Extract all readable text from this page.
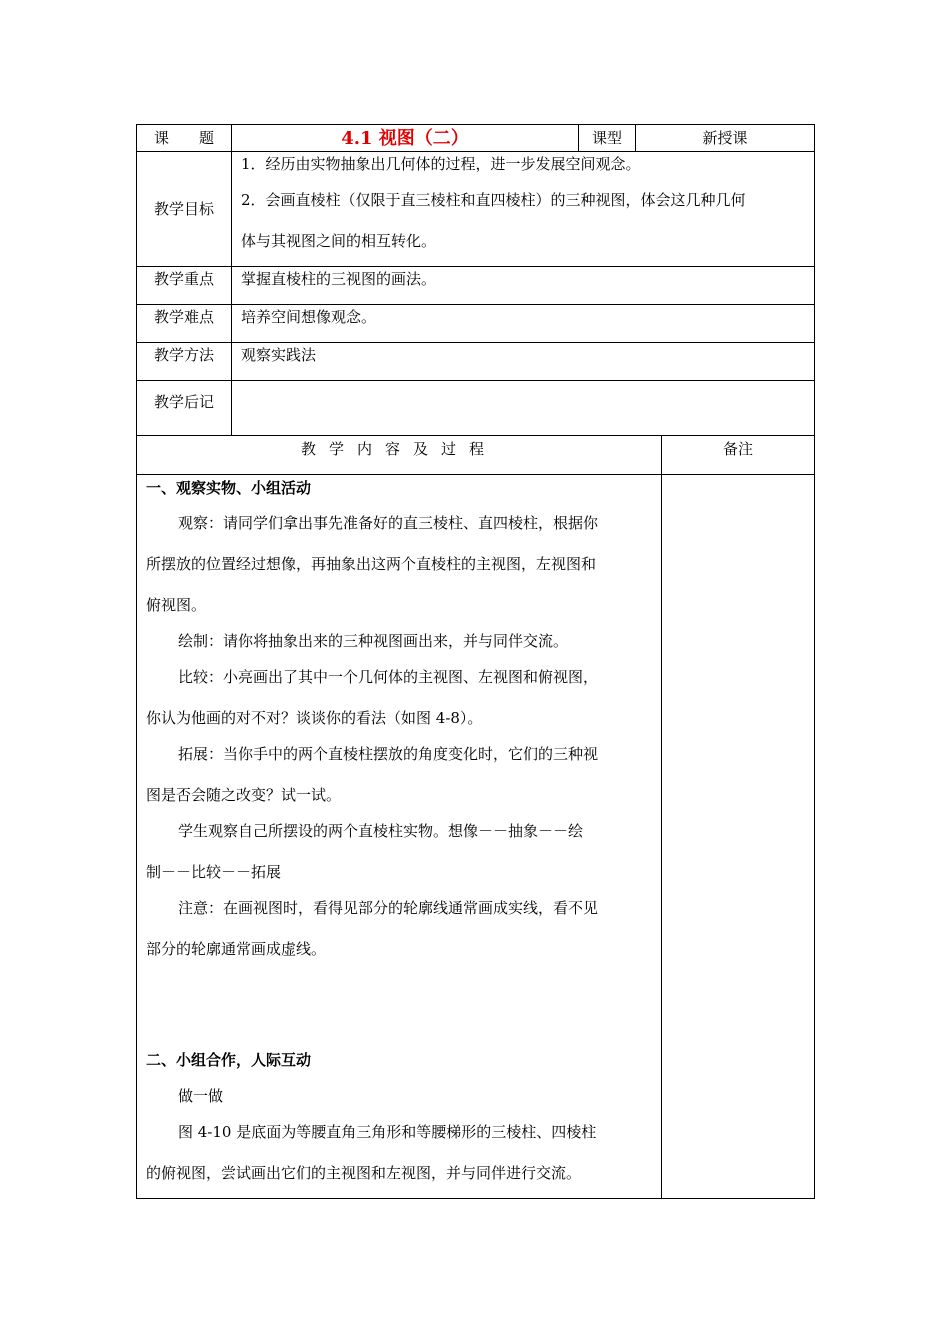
课　　题	4.1 视图（二）	课型	新授课
教学目标
1．经历由实物抽象出几何体的过程，进一步发展空间观念。
2．会画直棱柱（仅限于直三棱柱和直四棱柱）的三种视图，体会这几种几何
体与其视图之间的相互转化。
教学重点	掌握直棱柱的三视图的画法。
教学难点	培养空间想像观念。
教学方法	观察实践法
教学后记
教学内容及过程	备注
一、观察实物、小组活动
观察：请同学们拿出事先准备好的直三棱柱、直四棱柱，根据你
所摆放的位置经过想像，再抽象出这两个直棱柱的主视图，左视图和
俯视图。
绘制：请你将抽象出来的三种视图画出来，并与同伴交流。
比较：小亮画出了其中一个几何体的主视图、左视图和俯视图，
你认为他画的对不对？谈谈你的看法（如图 4-8）。
拓展：当你手中的两个直棱柱摆放的角度变化时，它们的三种视
图是否会随之改变？试一试。
学生观察自己所摆设的两个直棱柱实物。想像－－抽象－－绘
制－－比较－－拓展
注意：在画视图时，看得见部分的轮廓线通常画成实线，看不见
部分的轮廓通常画成虚线。
二、小组合作，人际互动
做一做
图 4-10 是底面为等腰直角三角形和等腰梯形的三棱柱、四棱柱
的俯视图，尝试画出它们的主视图和左视图，并与同伴进行交流。
